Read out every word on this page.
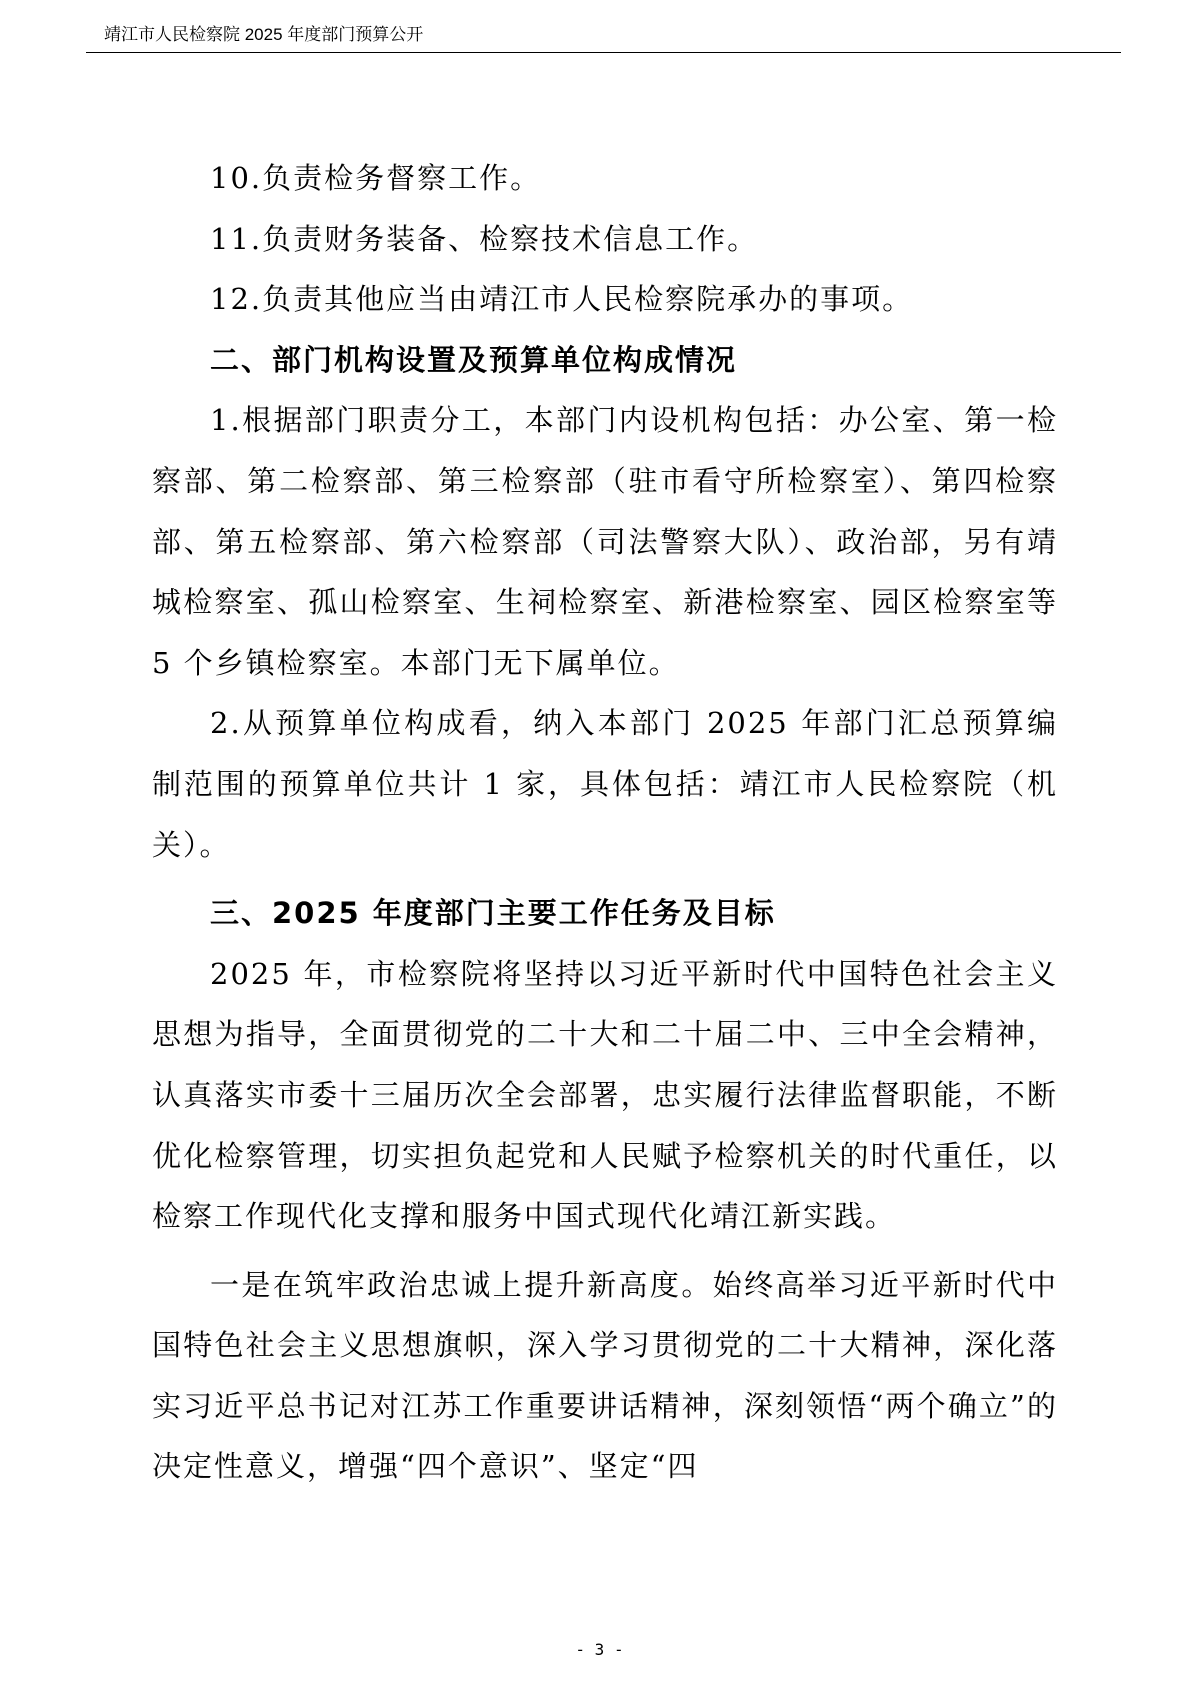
靖江市人民检察院 2025 年度部门预算公开

10.负责检务督察工作。

11.负责财务装备、检察技术信息工作。

12.负责其他应当由靖江市人民检察院承办的事项。

二、部门机构设置及预算单位构成情况

1.根据部门职责分工，本部门内设机构包括：办公室、第一检察部、第二检察部、第三检察部（驻市看守所检察室）、第四检察部、第五检察部、第六检察部（司法警察大队）、政治部，另有靖城检察室、孤山检察室、生祠检察室、新港检察室、园区检察室等 5 个乡镇检察室。本部门无下属单位。

2.从预算单位构成看，纳入本部门 2025 年部门汇总预算编制范围的预算单位共计 1 家，具体包括：靖江市人民检察院（机关）。

三、2025 年度部门主要工作任务及目标

2025 年，市检察院将坚持以习近平新时代中国特色社会主义思想为指导，全面贯彻党的二十大和二十届二中、三中全会精神，认真落实市委十三届历次全会部署，忠实履行法律监督职能，不断优化检察管理，切实担负起党和人民赋予检察机关的时代重任，以检察工作现代化支撑和服务中国式现代化靖江新实践。

一是在筑牢政治忠诚上提升新高度。始终高举习近平新时代中国特色社会主义思想旗帜，深入学习贯彻党的二十大精神，深化落实习近平总书记对江苏工作重要讲话精神，深刻领悟“两个确立”的决定性意义，增强“四个意识”、坚定“四

- 3 -
